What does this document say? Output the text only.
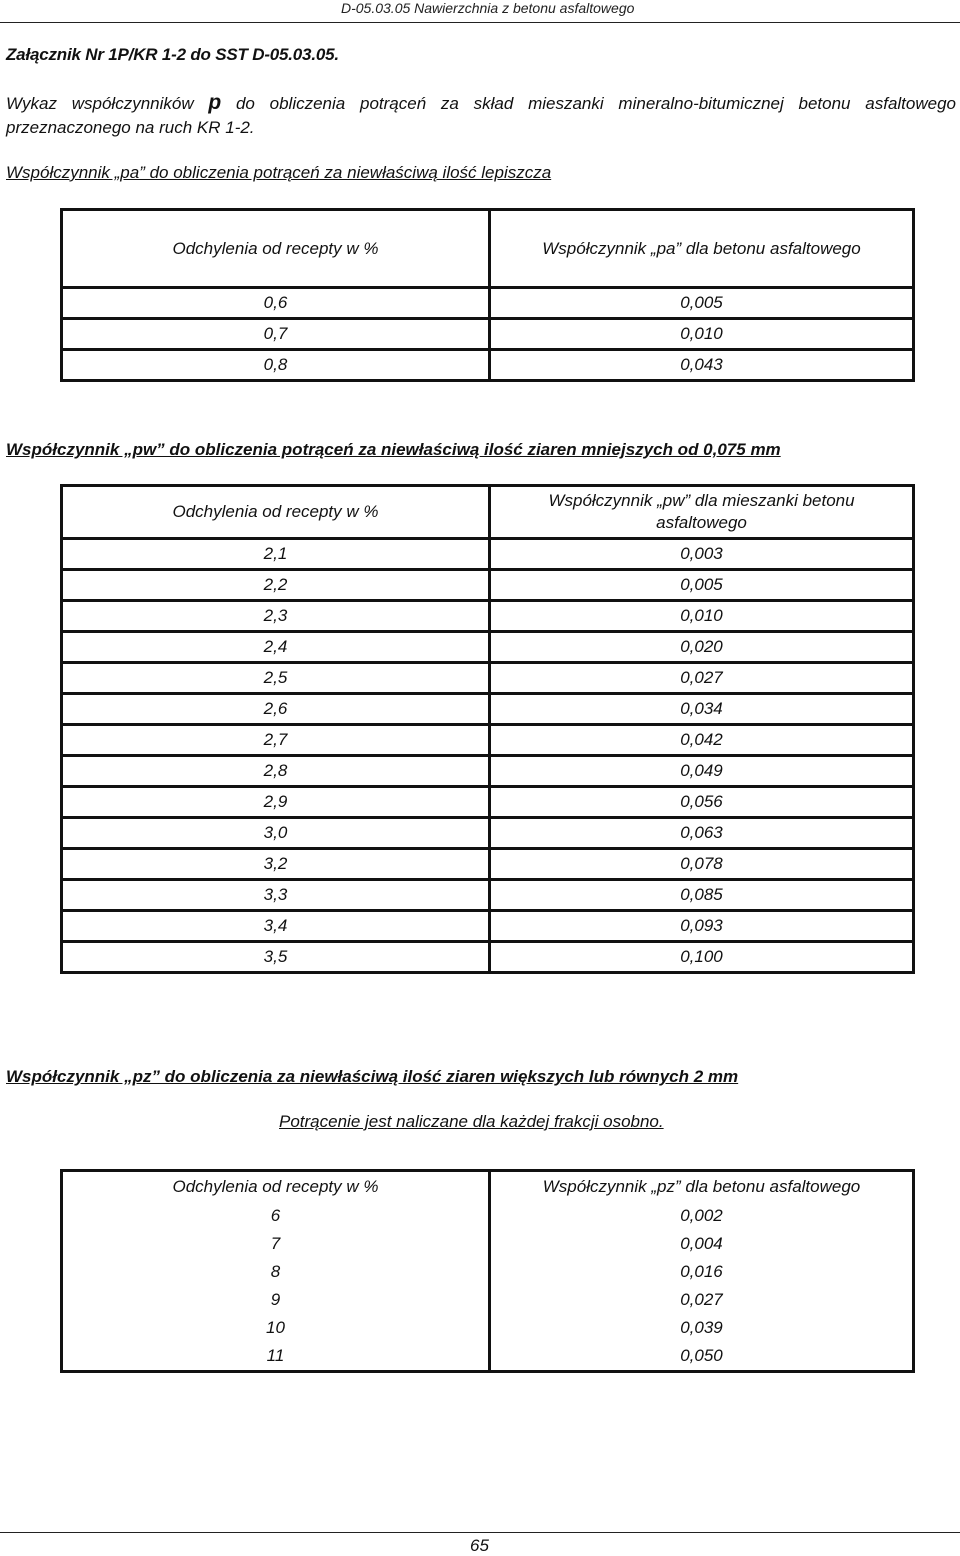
D-05.03.05 Nawierzchnia z betonu asfaltowego
Załącznik Nr 1P/KR 1-2 do SST D-05.03.05.
Wykaz współczynników p do obliczenia potrąceń za skład mieszanki mineralno-bitumicznej betonu asfaltowego
przeznaczonego na ruch KR 1-2.
Współczynnik „pa” do obliczenia potrąceń za niewłaściwą ilość lepiszcza
Odchylenia od recepty w %	Współczynnik „pa” dla betonu asfaltowego
0,6	0,005
0,7	0,010
0,8	0,043
Współczynnik „pw” do obliczenia potrąceń za niewłaściwą ilość ziaren mniejszych od 0,075 mm
Odchylenia od recepty w %	Współczynnik „pw” dla mieszanki betonu asfaltowego
2,1	0,003
2,2	0,005
2,3	0,010
2,4	0,020
2,5	0,027
2,6	0,034
2,7	0,042
2,8	0,049
2,9	0,056
3,0	0,063
3,2	0,078
3,3	0,085
3,4	0,093
3,5	0,100
Współczynnik „pz” do obliczenia za niewłaściwą ilość ziaren większych lub równych 2 mm
Potrącenie jest naliczane dla każdej frakcji osobno.
Odchylenia od recepty w %	Współczynnik „pz” dla betonu asfaltowego
6	0,002
7	0,004
8	0,016
9	0,027
10	0,039
11	0,050
65
